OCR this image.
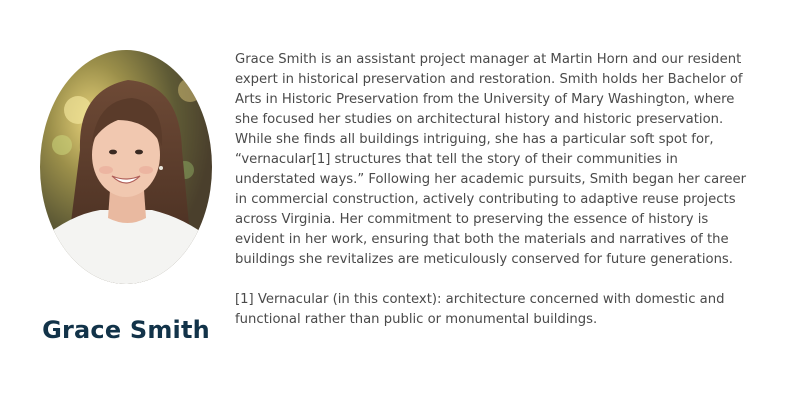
Grace Smith

Grace Smith is an assistant project manager at Martin Horn and our resident expert in historical preservation and restoration. Smith holds her Bachelor of Arts in Historic Preservation from the University of Mary Washington, where she focused her studies on architectural history and historic preservation. While she finds all buildings intriguing, she has a particular soft spot for, “vernacular[1] structures that tell the story of their communities in understated ways.” Following her academic pursuits, Smith began her career in commercial construction, actively contributing to adaptive reuse projects across Virginia. Her commitment to preserving the essence of history is evident in her work, ensuring that both the materials and narratives of the buildings she revitalizes are meticulously conserved for future generations.

[1] Vernacular (in this context): architecture concerned with domestic and functional rather than public or monumental buildings.
